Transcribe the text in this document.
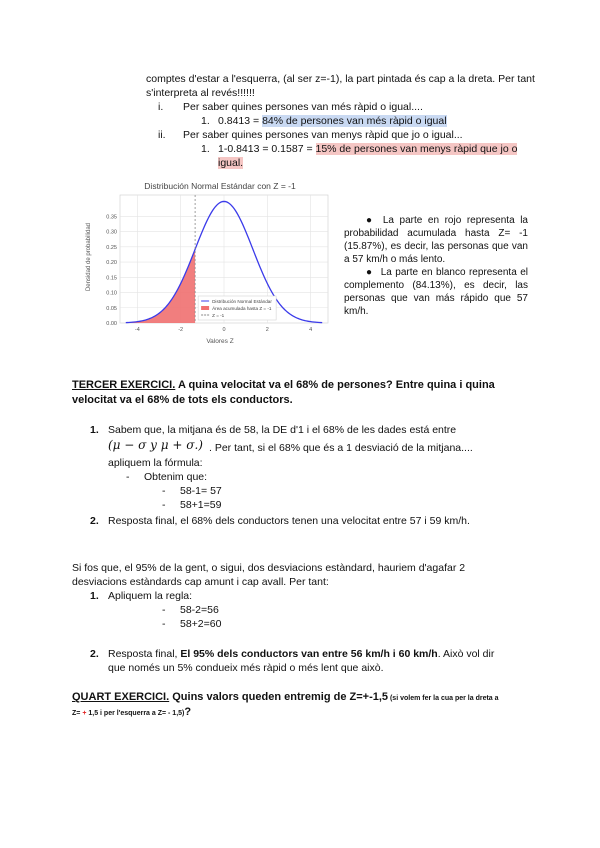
comptes d'estar a l'esquerra, (al ser z=-1), la part pintada és cap a la dreta. Per tant
s'interpreta al revés!!!!!!
i. Per saber quines persones van més ràpid o igual....
1. 0.8413 = 84% de persones van més ràpid o igual
ii. Per saber quines persones van menys ràpid que jo o igual...
1. 1-0.8413 = 0.1587 = 15% de persones van menys ràpid que jo o
igual.
Distribución Normal Estándar con Z = -1
Densidad de probabilidad
Valores Z
0.00
0.05
0.10
0.15
0.20
0.25
0.30
0.35
-4	-2	0	2	4
Distribución Normal Estándar
Área acumulada hasta Z = -1
Z = -1
● La parte en rojo representa la probabilidad acumulada hasta Z= -1 (15.87%), es decir, las personas que van a 57 km/h o más lento.
● La parte en blanco representa el complemento (84.13%), es decir, las personas que van más rápido que 57 km/h.
TERCER EXERCICI. A quina velocitat va el 68% de persones? Entre quina i quina
velocitat va el 68% de tots els conductors.
1. Sabem que, la mitjana és de 58, la DE d'1 i el 68% de les dades está entre
(μ − σ y μ + σ.) . Per tant, si el 68% que és a 1 desviació de la mitjana....
apliquem la fórmula:
- Obtenim que:
- 58-1= 57
- 58+1=59
2. Resposta final, el 68% dels conductors tenen una velocitat entre 57 i 59 km/h.
Si fos que, el 95% de la gent, o sigui, dos desviacions estàndard, hauriem d'agafar 2
desviacions estàndards cap amunt i cap avall. Per tant:
1. Apliquem la regla:
- 58-2=56
- 58+2=60
2. Resposta final, El 95% dels conductors van entre 56 km/h i 60 km/h. Això vol dir
que només un 5% condueix més ràpid o més lent que això.
QUART EXERCICI. Quins valors queden entremig de Z=+-1,5 (si volem fer la cua per la dreta a
Z= + 1,5 i per l'esquerra a Z= - 1,5)?
